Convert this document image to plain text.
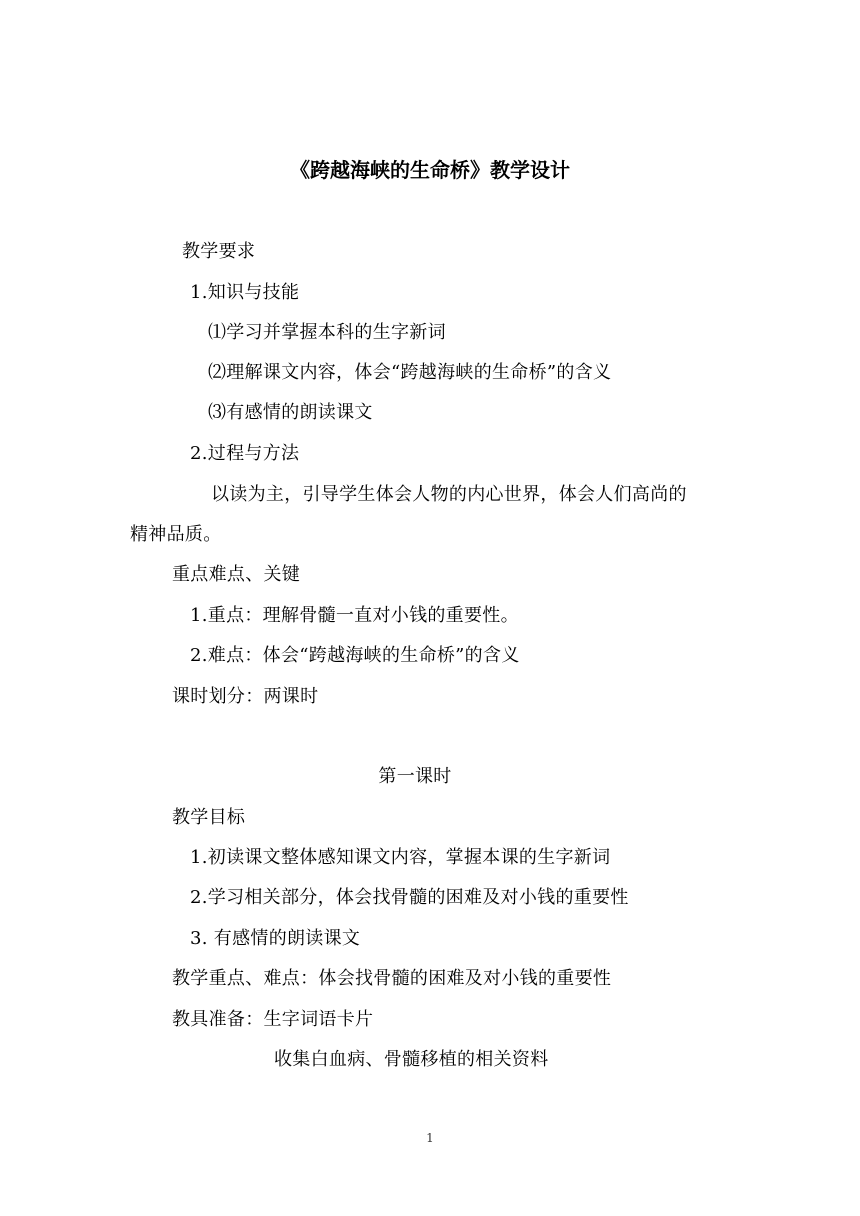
《跨越海峡的生命桥》教学设计
教学要求
1.知识与技能
⑴学习并掌握本科的生字新词
⑵理解课文内容，体会“跨越海峡的生命桥”的含义
⑶有感情的朗读课文
2.过程与方法
以读为主，引导学生体会人物的内心世界，体会人们高尚的
精神品质。
重点难点、关键
1.重点：理解骨髓一直对小钱的重要性。
2.难点：体会“跨越海峡的生命桥”的含义
课时划分：两课时
第一课时
教学目标
1.初读课文整体感知课文内容，掌握本课的生字新词
2.学习相关部分，体会找骨髓的困难及对小钱的重要性
3. 有感情的朗读课文
教学重点、难点：体会找骨髓的困难及对小钱的重要性
教具准备：生字词语卡片
收集白血病、骨髓移植的相关资料
1
